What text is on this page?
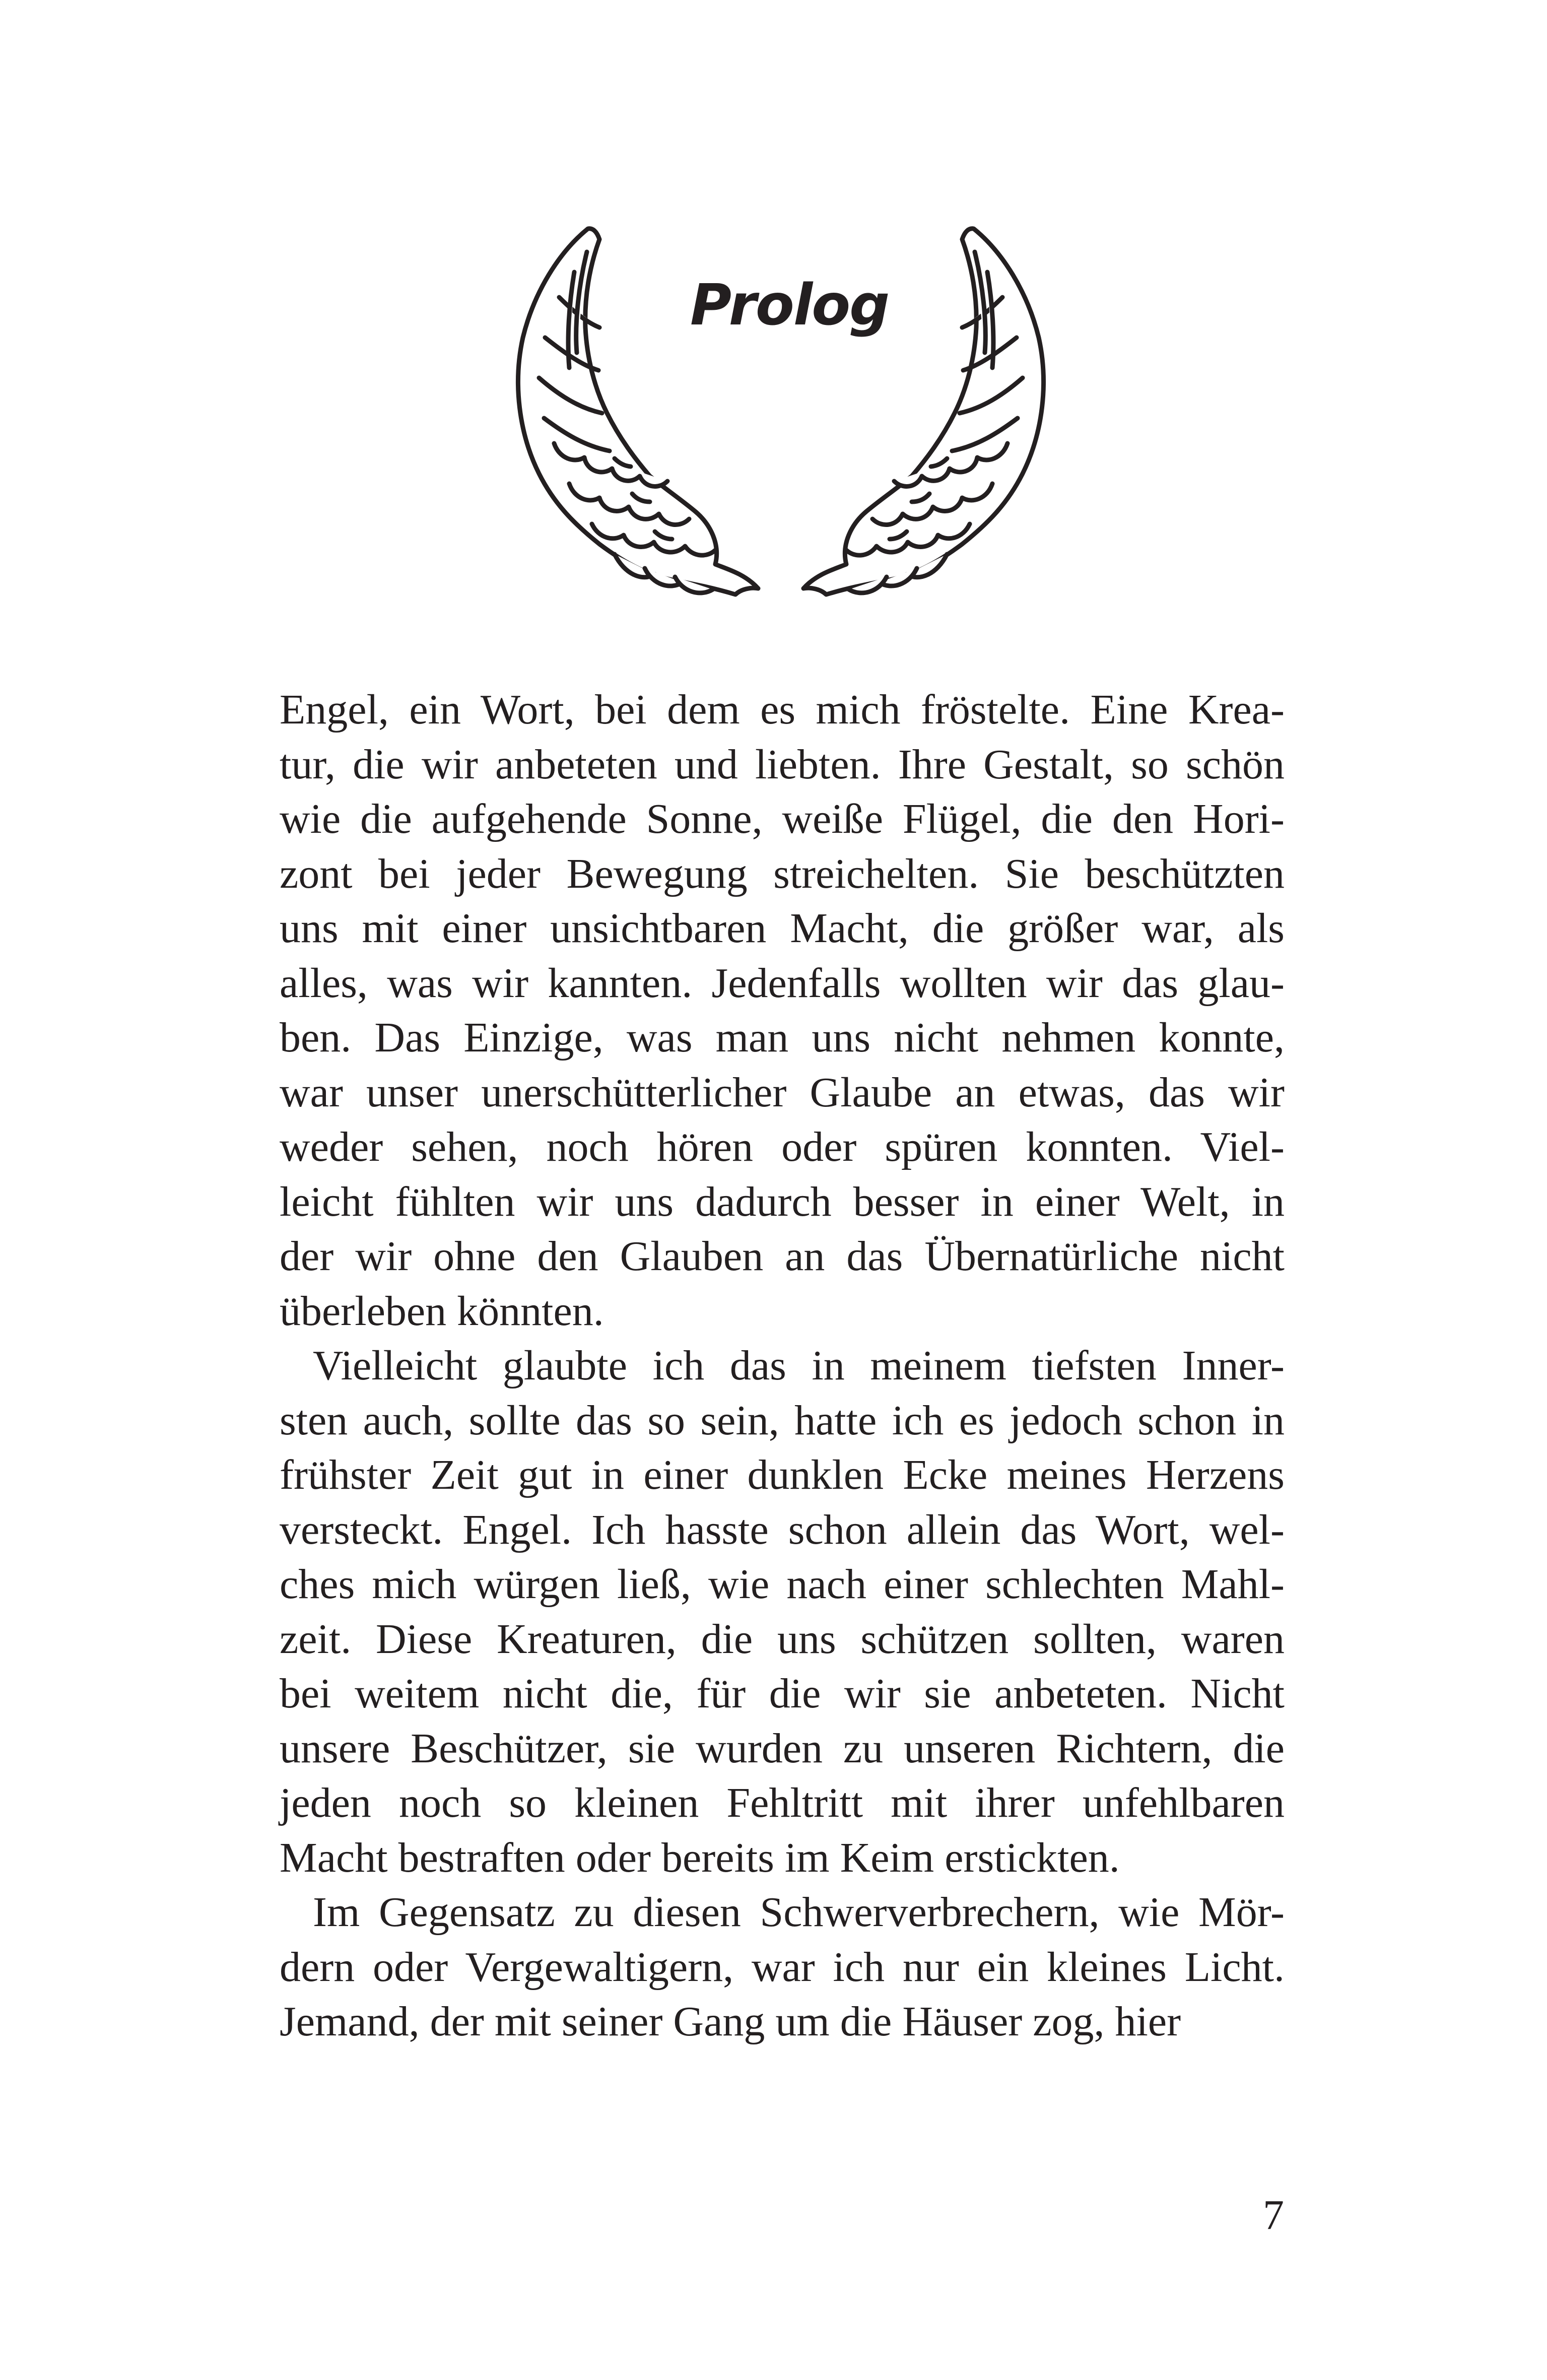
Prolog
Engel, ein Wort, bei dem es mich fröstelte. Eine Krea-
tur, die wir anbeteten und liebten. Ihre Gestalt, so schön
wie die aufgehende Sonne, weiße Flügel, die den Hori-
zont bei jeder Bewegung streichelten. Sie beschützten
uns mit einer unsichtbaren Macht, die größer war, als
alles, was wir kannten. Jedenfalls wollten wir das glau-
ben. Das Einzige, was man uns nicht nehmen konnte,
war unser unerschütterlicher Glaube an etwas, das wir
weder sehen, noch hören oder spüren konnten. Viel-
leicht fühlten wir uns dadurch besser in einer Welt, in
der wir ohne den Glauben an das Übernatürliche nicht
überleben könnten.
Vielleicht glaubte ich das in meinem tiefsten Inner-
sten auch, sollte das so sein, hatte ich es jedoch schon in
frühster Zeit gut in einer dunklen Ecke meines Herzens
versteckt. Engel. Ich hasste schon allein das Wort, wel-
ches mich würgen ließ, wie nach einer schlechten Mahl-
zeit. Diese Kreaturen, die uns schützen sollten, waren
bei weitem nicht die, für die wir sie anbeteten. Nicht
unsere Beschützer, sie wurden zu unseren Richtern, die
jeden noch so kleinen Fehltritt mit ihrer unfehlbaren
Macht bestraften oder bereits im Keim erstickten.
Im Gegensatz zu diesen Schwerverbrechern, wie Mör-
dern oder Vergewaltigern, war ich nur ein kleines Licht.
Jemand, der mit seiner Gang um die Häuser zog, hier
7
